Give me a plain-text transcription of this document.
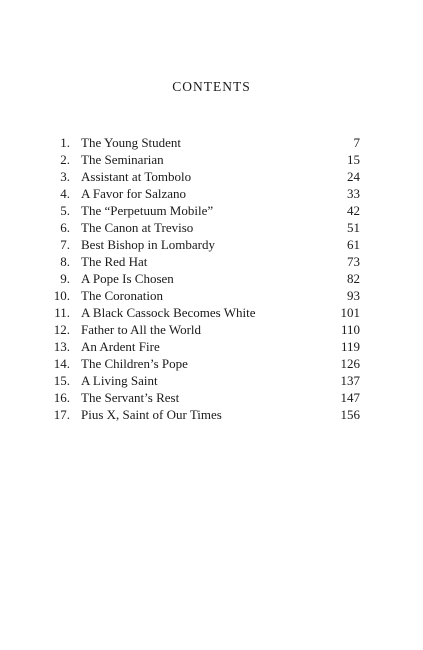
CONTENTS
1. The Young Student	7
2. The Seminarian	15
3. Assistant at Tombolo	24
4. A Favor for Salzano	33
5. The “Perpetuum Mobile”	42
6. The Canon at Treviso	51
7. Best Bishop in Lombardy	61
8. The Red Hat	73
9. A Pope Is Chosen	82
10. The Coronation	93
11. A Black Cassock Becomes White	101
12. Father to All the World	110
13. An Ardent Fire	119
14. The Children’s Pope	126
15. A Living Saint	137
16. The Servant’s Rest	147
17. Pius X, Saint of Our Times	156
